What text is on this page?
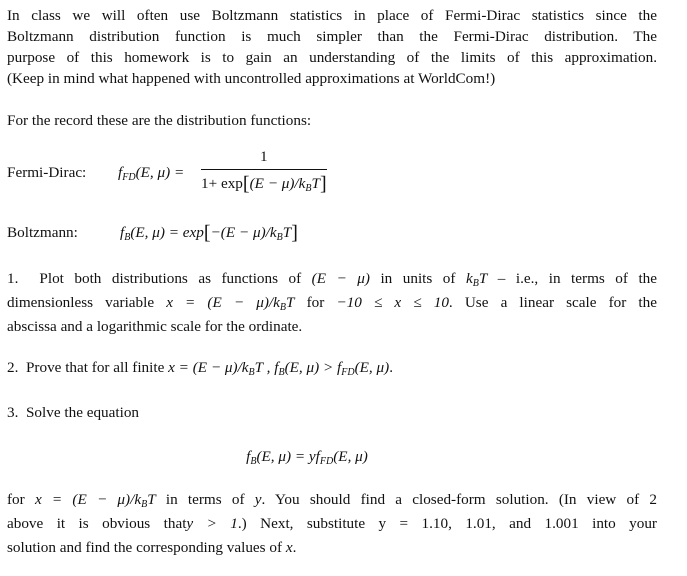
In class we will often use Boltzmann statistics in place of Fermi-Dirac statistics since the
Boltzmann distribution function is much simpler than the Fermi-Dirac distribution. The
purpose of this homework is to gain an understanding of the limits of this approximation.
(Keep in mind what happened with uncontrolled approximations at WorldCom!)
For the record these are the distribution functions:
Fermi-Dirac: $f_{FD}(E$, μ) =
1
$1+ \exp[(E - \mu)/k_BT]$
Boltzmann:	$f_B(E$, $\mu) = \exp[-(E - \mu)/k_BT]$
1. Plot both distributions as functions of (E − μ) in units of $k_BT - i.e$., in terms of the
dimensionless variable $x = (E - \mu)/k_BT$ for −10 ≤ x ≤ 10. Use a linear scale for the
abscissa and a logarithmic scale for the ordinate.
2. Prove that for all finite $x = (E - \mu)/k_BT$ , $f_B(E$, $\mu) > f_{FD}(E$, μ).
3. Solve the equation
$f_B(E$, $\mu) = yf_{FD}(E$, μ)
for $x = (E - \mu)/k_BT$ in terms of y. You should find a closed-form solution. (In view of 2
above it is obvious thaty > 1.) Next, substitute y = 1.10, 1.01, and 1.001 into your
solution and find the corresponding values of x.
